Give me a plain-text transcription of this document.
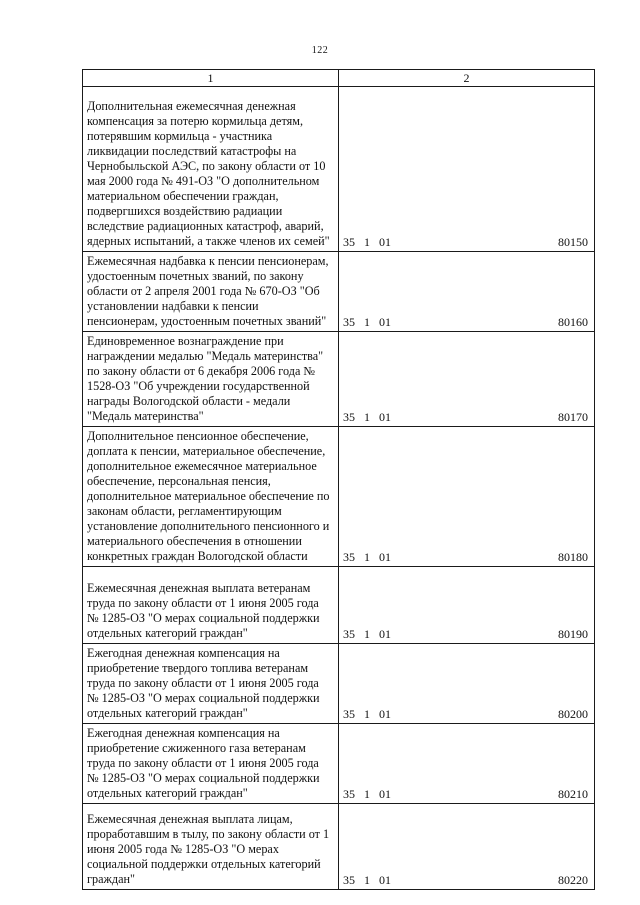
122
1	2
Дополнительная ежемесячная денежная компенсация за потерю кормильца детям, потерявшим кормильца - участника ликвидации последствий катастрофы на Чернобыльской АЭС, по закону области от 10 мая 2000 года № 491-ОЗ "О дополнительном материальном обеспечении граждан, подвергшихся воздействию радиации вследствие радиационных катастроф, аварий, ядерных испытаний, а также членов их семей"	35 1 01 80150

Ежемесячная надбавка к пенсии пенсионерам, удостоенным почетных званий, по закону области от 2 апреля 2001 года № 670-ОЗ "Об установлении надбавки к пенсии пенсионерам, удостоенным почетных званий"	35 1 01 80160

Единовременное вознаграждение при награждении медалью "Медаль материнства" по закону области от 6 декабря 2006 года № 1528-ОЗ "Об учреждении государственной награды Вологодской области - медали "Медаль материнства"	35 1 01 80170

Дополнительное пенсионное обеспечение, доплата к пенсии, материальное обеспечение, дополнительное ежемесячное материальное обеспечение, персональная пенсия, дополнительное материальное обеспечение по законам области, регламентирующим установление дополнительного пенсионного и материального обеспечения в отношении конкретных граждан Вологодской области	35 1 01 80180

Ежемесячная денежная выплата ветеранам труда по закону области от 1 июня 2005 года № 1285-ОЗ "О мерах социальной поддержки отдельных категорий граждан"	35 1 01 80190

Ежегодная денежная компенсация на приобретение твердого топлива ветеранам труда по закону области от 1 июня 2005 года № 1285-ОЗ "О мерах социальной поддержки отдельных категорий граждан"	35 1 01 80200

Ежегодная денежная компенсация на приобретение сжиженного газа ветеранам труда по закону области от 1 июня 2005 года № 1285-ОЗ "О мерах социальной поддержки отдельных категорий граждан"	35 1 01 80210

Ежемесячная денежная выплата лицам, проработавшим в тылу, по закону области от 1 июня 2005 года № 1285-ОЗ "О мерах социальной поддержки отдельных категорий граждан"	35 1 01 80220
